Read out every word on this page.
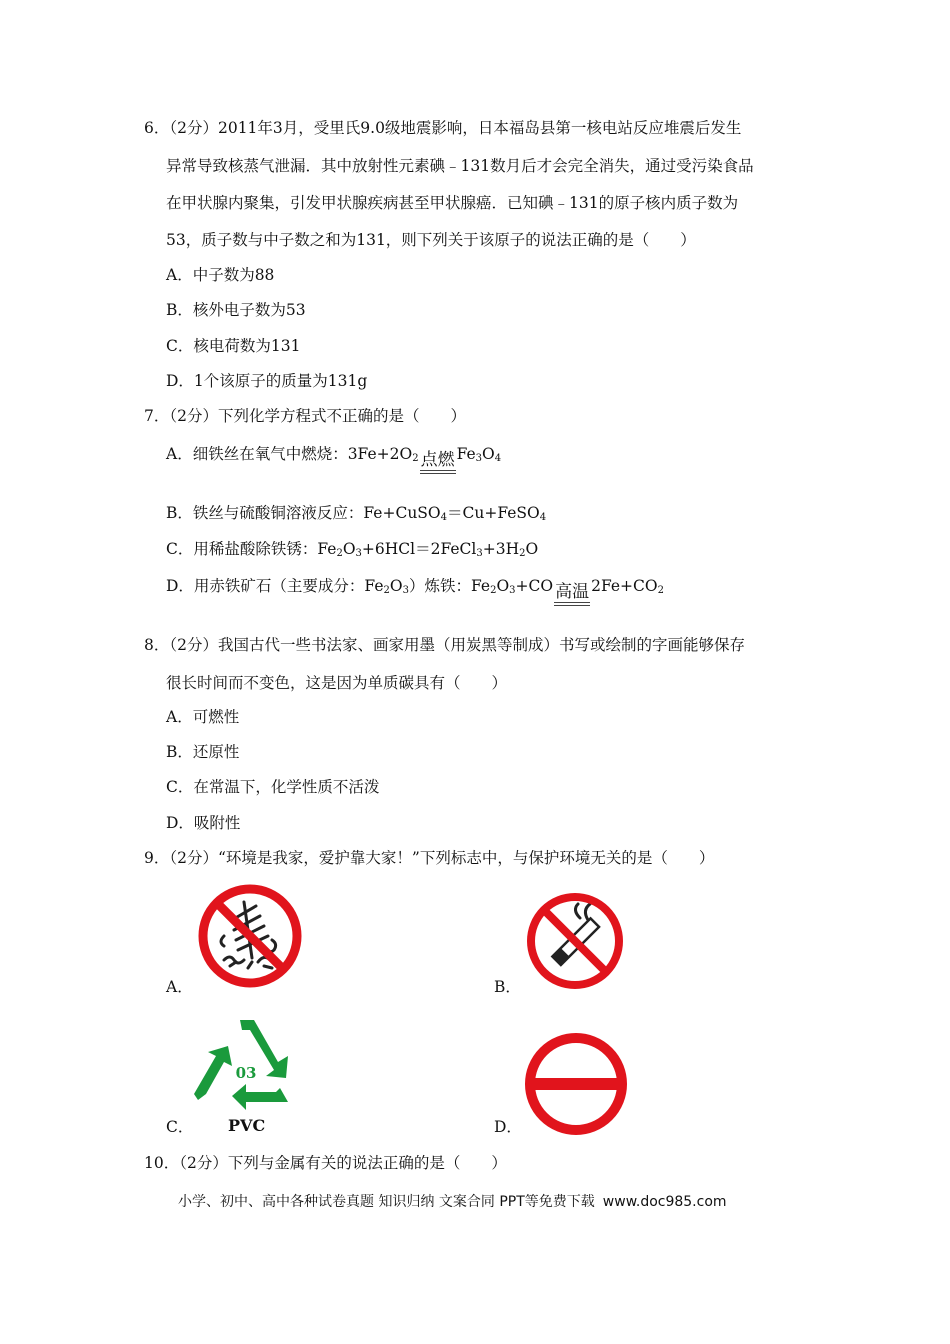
6．（2分）2011年3月，受里氏9.0级地震影响，日本福岛县第一核电站反应堆震后发生
异常导致核蒸气泄漏．其中放射性元素碘﹣131数月后才会完全消失，通过受污染食品
在甲状腺内聚集，引发甲状腺疾病甚至甲状腺癌．已知碘﹣131的原子核内质子数为
53，质子数与中子数之和为131，则下列关于该原子的说法正确的是（　　）
A．中子数为88
B．核外电子数为53
C．核电荷数为131
D．1个该原子的质量为131g
7．（2分）下列化学方程式不正确的是（　　）
A．细铁丝在氧气中燃烧：$3Fe+2O_2$ 点燃 $Fe_3O_4$
B．铁丝与硫酸铜溶液反应：Fe+CuSO$_4$＝Cu+FeSO$_4$
C．用稀盐酸除铁锈：$Fe_2O_3+6HCl=2FeCl_3+3H_2O$
D．用赤铁矿石（主要成分：$Fe_2O_3$）炼铁：$Fe_2O_3+CO$ 高温 $2Fe+CO_2$
8．（2分）我国古代一些书法家、画家用墨（用炭黑等制成）书写或绘制的字画能够保存
很长时间而不变色，这是因为单质碳具有（　　）
A．可燃性
B．还原性
C．在常温下，化学性质不活泼
D．吸附性
9．（2分）“环境是我家，爱护靠大家！”下列标志中，与保护环境无关的是（　　）
A．	B．
C．	D．
03
PVC
10．（2分）下列与金属有关的说法正确的是（　　）
小学、初中、高中各种试卷真题 知识归纳 文案合同 PPT等免费下载 www.doc985.com
